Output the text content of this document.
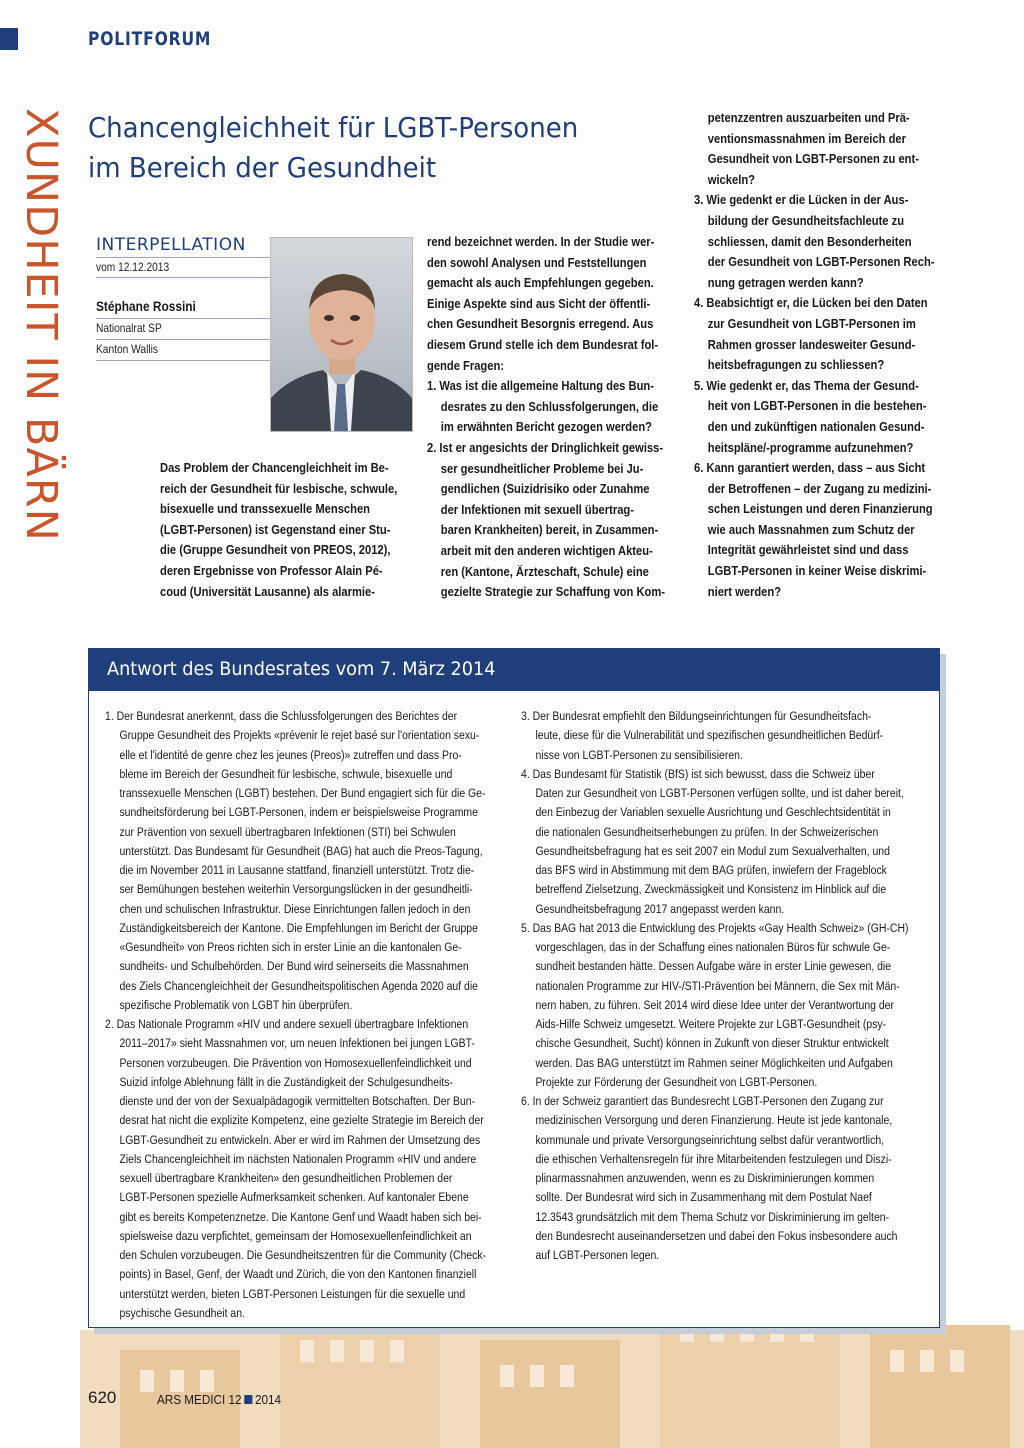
POLITFORUM
XUNDHEIT IN BÄRN Chancengleichheit für LGBT-Personen
im Bereich der Gesundheit
INTERPELLATION
vom 12.12.2013
Stéphane Rossini
Nationalrat SP
Kanton Wallis
Das Problem der Chancengleichheit im Be-
reich der Gesundheit für lesbische, schwule,
bisexuelle und transsexuelle Menschen
(LGBT-Personen) ist Gegenstand einer Stu-
die (Gruppe Gesundheit von PREOS, 2012),
deren Ergebnisse von Professor Alain Pé-
coud (Universität Lausanne) als alarmie-
rend bezeichnet werden. In der Studie wer-
den sowohl Analysen und Feststellungen
gemacht als auch Empfehlungen gegeben.
Einige Aspekte sind aus Sicht der öffentli-
chen Gesundheit Besorgnis erregend. Aus
diesem Grund stelle ich dem Bundesrat fol-
gende Fragen:
1. Was ist die allgemeine Haltung des Bun-
desrates zu den Schlussfolgerungen, die
im erwähnten Bericht gezogen werden?
2. Ist er angesichts der Dringlichkeit gewiss-
ser gesundheitlicher Probleme bei Ju-
gendlichen (Suizidrisiko oder Zunahme
der Infektionen mit sexuell übertrag-
baren Krankheiten) bereit, in Zusammen-
arbeit mit den anderen wichtigen Akteu-
ren (Kantone, Ärzteschaft, Schule) eine
gezielte Strategie zur Schaffung von Kom-
petenzzentren auszuarbeiten und Prä-
ventionsmassnahmen im Bereich der
Gesundheit von LGBT-Personen zu ent-
wickeln?
3. Wie gedenkt er die Lücken in der Aus-
bildung der Gesundheitsfachleute zu
schliessen, damit den Besonderheiten
der Gesundheit von LGBT-Personen Rech-
nung getragen werden kann?
4. Beabsichtigt er, die Lücken bei den Daten
zur Gesundheit von LGBT-Personen im
Rahmen grosser landesweiter Gesund-
heitsbefragungen zu schliessen?
5. Wie gedenkt er, das Thema der Gesund-
heit von LGBT-Personen in die bestehen-
den und zukünftigen nationalen Gesund-
heitspläne/-programme aufzunehmen?
6. Kann garantiert werden, dass – aus Sicht
der Betroffenen – der Zugang zu medizini-
schen Leistungen und deren Finanzierung
wie auch Massnahmen zum Schutz der
Integrität gewährleistet sind und dass
LGBT-Personen in keiner Weise diskrimi-
niert werden?
Antwort des Bundesrates vom 7. März 2014
1. Der Bundesrat anerkennt, dass die Schlussfolgerungen des Berichtes der
Gruppe Gesundheit des Projekts «prévenir le rejet basé sur l'orientation sexu-
elle et l'identité de genre chez les jeunes (Preos)» zutreffen und dass Pro-
bleme im Bereich der Gesundheit für lesbische, schwule, bisexuelle und
transsexuelle Menschen (LGBT) bestehen. Der Bund engagiert sich für die Ge-
sundheitsförderung bei LGBT-Personen, indem er beispielsweise Programme
zur Prävention von sexuell übertragbaren Infektionen (STI) bei Schwulen
unterstützt. Das Bundesamt für Gesundheit (BAG) hat auch die Preos-Tagung,
die im November 2011 in Lausanne stattfand, finanziell unterstützt. Trotz die-
ser Bemühungen bestehen weiterhin Versorgungslücken in der gesundheitli-
chen und schulischen Infrastruktur. Diese Einrichtungen fallen jedoch in den
Zuständigkeitsbereich der Kantone. Die Empfehlungen im Bericht der Gruppe
«Gesundheit» von Preos richten sich in erster Linie an die kantonalen Ge-
sundheits- und Schulbehörden. Der Bund wird seinerseits die Massnahmen
des Ziels Chancengleichheit der Gesundheitspolitischen Agenda 2020 auf die
spezifische Problematik von LGBT hin überprüfen.
2. Das Nationale Programm «HIV und andere sexuell übertragbare Infektionen
2011–2017» sieht Massnahmen vor, um neuen Infektionen bei jungen LGBT-
Personen vorzubeugen. Die Prävention von Homosexuellenfeindlichkeit und
Suizid infolge Ablehnung fällt in die Zuständigkeit der Schulgesundheits-
dienste und der von der Sexualpädagogik vermittelten Botschaften. Der Bun-
desrat hat nicht die explizite Kompetenz, eine gezielte Strategie im Bereich der
LGBT-Gesundheit zu entwickeln. Aber er wird im Rahmen der Umsetzung des
Ziels Chancengleichheit im nächsten Nationalen Programm «HIV und andere
sexuell übertragbare Krankheiten» den gesundheitlichen Problemen der
LGBT-Personen spezielle Aufmerksamkeit schenken. Auf kantonaler Ebene
gibt es bereits Kompetenznetze. Die Kantone Genf und Waadt haben sich bei-
spielsweise dazu verpfichtet, gemeinsam der Homosexuellenfeindlichkeit an
den Schulen vorzubeugen. Die Gesundheitszentren für die Community (Check-
points) in Basel, Genf, der Waadt und Zürich, die von den Kantonen finanziell
unterstützt werden, bieten LGBT-Personen Leistungen für die sexuelle und
psychische Gesundheit an.
3. Der Bundesrat empfiehlt den Bildungseinrichtungen für Gesundheitsfach-
leute, diese für die Vulnerabilität und spezifischen gesundheitlichen Bedürf-
nisse von LGBT-Personen zu sensibilisieren.
4. Das Bundesamt für Statistik (BfS) ist sich bewusst, dass die Schweiz über
Daten zur Gesundheit von LGBT-Personen verfügen sollte, und ist daher bereit,
den Einbezug der Variablen sexuelle Ausrichtung und Geschlechtsidentität in
die nationalen Gesundheitserhebungen zu prüfen. In der Schweizerischen
Gesundheitsbefragung hat es seit 2007 ein Modul zum Sexualverhalten, und
das BFS wird in Abstimmung mit dem BAG prüfen, inwiefern der Frageblock
betreffend Zielsetzung, Zweckmässigkeit und Konsistenz im Hinblick auf die
Gesundheitsbefragung 2017 angepasst werden kann.
5. Das BAG hat 2013 die Entwicklung des Projekts «Gay Health Schweiz» (GH-CH)
vorgeschlagen, das in der Schaffung eines nationalen Büros für schwule Ge-
sundheit bestanden hätte. Dessen Aufgabe wäre in erster Linie gewesen, die
nationalen Programme zur HIV-/STI-Prävention bei Männern, die Sex mit Män-
nern haben, zu führen. Seit 2014 wird diese Idee unter der Verantwortung der
Aids-Hilfe Schweiz umgesetzt. Weitere Projekte zur LGBT-Gesundheit (psy-
chische Gesundheit, Sucht) können in Zukunft von dieser Struktur entwickelt
werden. Das BAG unterstützt im Rahmen seiner Möglichkeiten und Aufgaben
Projekte zur Förderung der Gesundheit von LGBT-Personen.
6. In der Schweiz garantiert das Bundesrecht LGBT-Personen den Zugang zur
medizinischen Versorgung und deren Finanzierung. Heute ist jede kantonale,
kommunale und private Versorgungseinrichtung selbst dafür verantwortlich,
die ethischen Verhaltensregeln für ihre Mitarbeitenden festzulegen und Diszi-
plinarmassnahmen anzuwenden, wenn es zu Diskriminierungen kommen
sollte. Der Bundesrat wird sich in Zusammenhang mit dem Postulat Naef
12.3543 grundsätzlich mit dem Thema Schutz vor Diskriminierung im gelten-
den Bundesrecht auseinandersetzen und dabei den Fokus insbesondere auch
auf LGBT-Personen legen.
620	ARS MEDICI 12 2014
